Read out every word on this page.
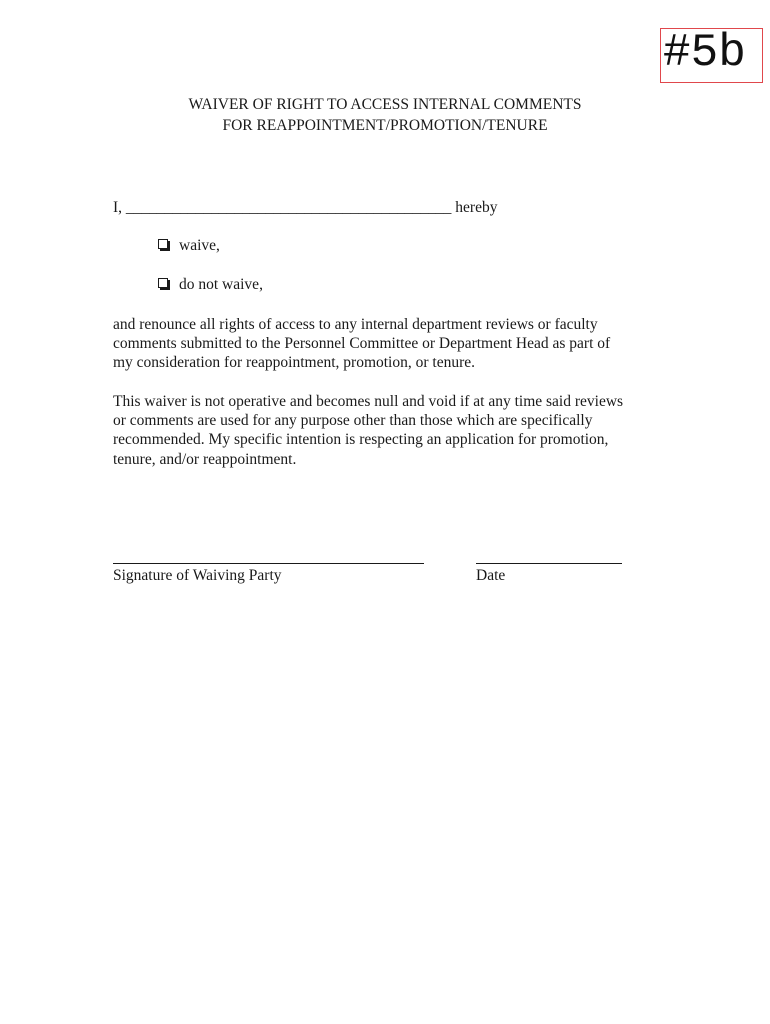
#5b
WAIVER OF RIGHT TO ACCESS INTERNAL COMMENTS
FOR REAPPOINTMENT/PROMOTION/TENURE
I, __________________________________________ hereby
waive,
do not waive,
and renounce all rights of access to any internal department reviews or faculty
comments submitted to the Personnel Committee or Department Head as part of
my consideration for reappointment, promotion, or tenure.
This waiver is not operative and becomes null and void if at any time said reviews
or comments are used for any purpose other than those which are specifically
recommended. My specific intention is respecting an application for promotion,
tenure, and/or reappointment.
Signature of Waiving Party	Date
